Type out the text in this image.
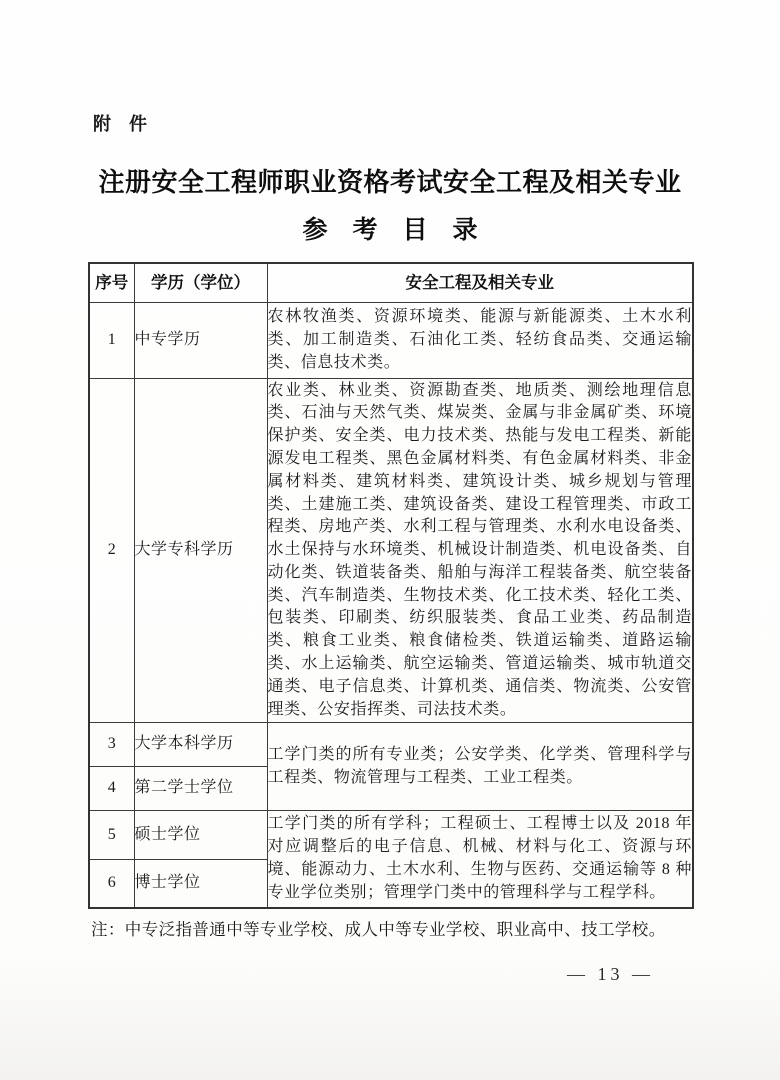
附　件
注册安全工程师职业资格考试安全工程及相关专业
参　考　目　录
序号	学历（学位）	安全工程及相关专业
1	中专学历	农林牧渔类、资源环境类、能源与新能源类、土木水利类、加工制造类、石油化工类、轻纺食品类、交通运输类、信息技术类。
2	大学专科学历	农业类、林业类、资源勘查类、地质类、测绘地理信息类、石油与天然气类、煤炭类、金属与非金属矿类、环境保护类、安全类、电力技术类、热能与发电工程类、新能源发电工程类、黑色金属材料类、有色金属材料类、非金属材料类、建筑材料类、建筑设计类、城乡规划与管理类、土建施工类、建筑设备类、建设工程管理类、市政工程类、房地产类、水利工程与管理类、水利水电设备类、水土保持与水环境类、机械设计制造类、机电设备类、自动化类、铁道装备类、船舶与海洋工程装备类、航空装备类、汽车制造类、生物技术类、化工技术类、轻化工类、包装类、印刷类、纺织服装类、食品工业类、药品制造类、粮食工业类、粮食储检类、铁道运输类、道路运输类、水上运输类、航空运输类、管道运输类、城市轨道交通类、电子信息类、计算机类、通信类、物流类、公安管理类、公安指挥类、司法技术类。
3	大学本科学历	工学门类的所有专业类；公安学类、化学类、管理科学与工程类、物流管理与工程类、工业工程类。
4	第二学士学位	
5	硕士学位	工学门类的所有学科；工程硕士、工程博士以及 2018 年对应调整后的电子信息、机械、材料与化工、资源与环境、能源动力、土木水利、生物与医药、交通运输等 8 种专业学位类别；管理学门类中的管理科学与工程学科。
6	博士学位	
注：中专泛指普通中等专业学校、成人中等专业学校、职业高中、技工学校。
— 13 —
